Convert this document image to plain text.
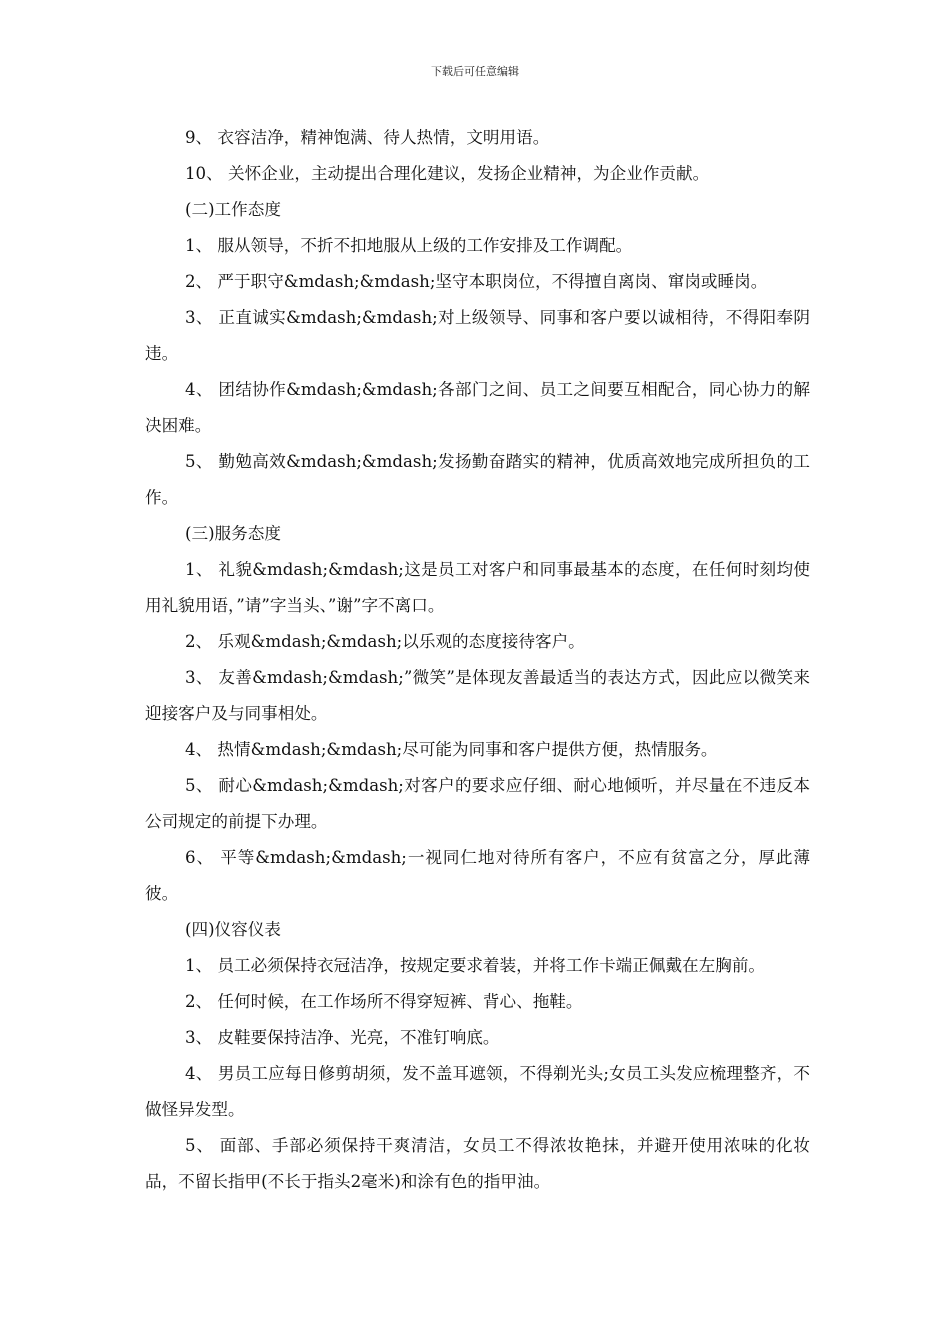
下载后可任意编辑

9、 衣容洁净，精神饱满、待人热情，文明用语。

10、 关怀企业，主动提出合理化建议，发扬企业精神，为企业作贡献。

(二)工作态度

1、 服从领导，不折不扣地服从上级的工作安排及工作调配。

2、 严于职守&mdash;&mdash;坚守本职岗位，不得擅自离岗、窜岗或睡岗。

3、 正直诚实&mdash;&mdash;对上级领导、同事和客户要以诚相待，不得阳奉阴违。

4、 团结协作&mdash;&mdash;各部门之间、员工之间要互相配合，同心协力的解决困难。

5、 勤勉高效&mdash;&mdash;发扬勤奋踏实的精神，优质高效地完成所担负的工作。

(三)服务态度

1、 礼貌&mdash;&mdash;这是员工对客户和同事最基本的态度，在任何时刻均使用礼貌用语，”请”字当头、”谢”字不离口。

2、 乐观&mdash;&mdash;以乐观的态度接待客户。

3、 友善&mdash;&mdash;”微笑”是体现友善最适当的表达方式，因此应以微笑来迎接客户及与同事相处。

4、 热情&mdash;&mdash;尽可能为同事和客户提供方便，热情服务。

5、 耐心&mdash;&mdash;对客户的要求应仔细、耐心地倾听，并尽量在不违反本公司规定的前提下办理。

6、 平等&mdash;&mdash;一视同仁地对待所有客户，不应有贫富之分，厚此薄彼。

(四)仪容仪表

1、 员工必须保持衣冠洁净，按规定要求着装，并将工作卡端正佩戴在左胸前。

2、 任何时候，在工作场所不得穿短裤、背心、拖鞋。

3、 皮鞋要保持洁净、光亮，不准钉响底。

4、 男员工应每日修剪胡须，发不盖耳遮领，不得剃光头;女员工头发应梳理整齐，不做怪异发型。

5、 面部、手部必须保持干爽清洁，女员工不得浓妆艳抹，并避开使用浓味的化妆品，不留长指甲(不长于指头2毫米)和涂有色的指甲油。
